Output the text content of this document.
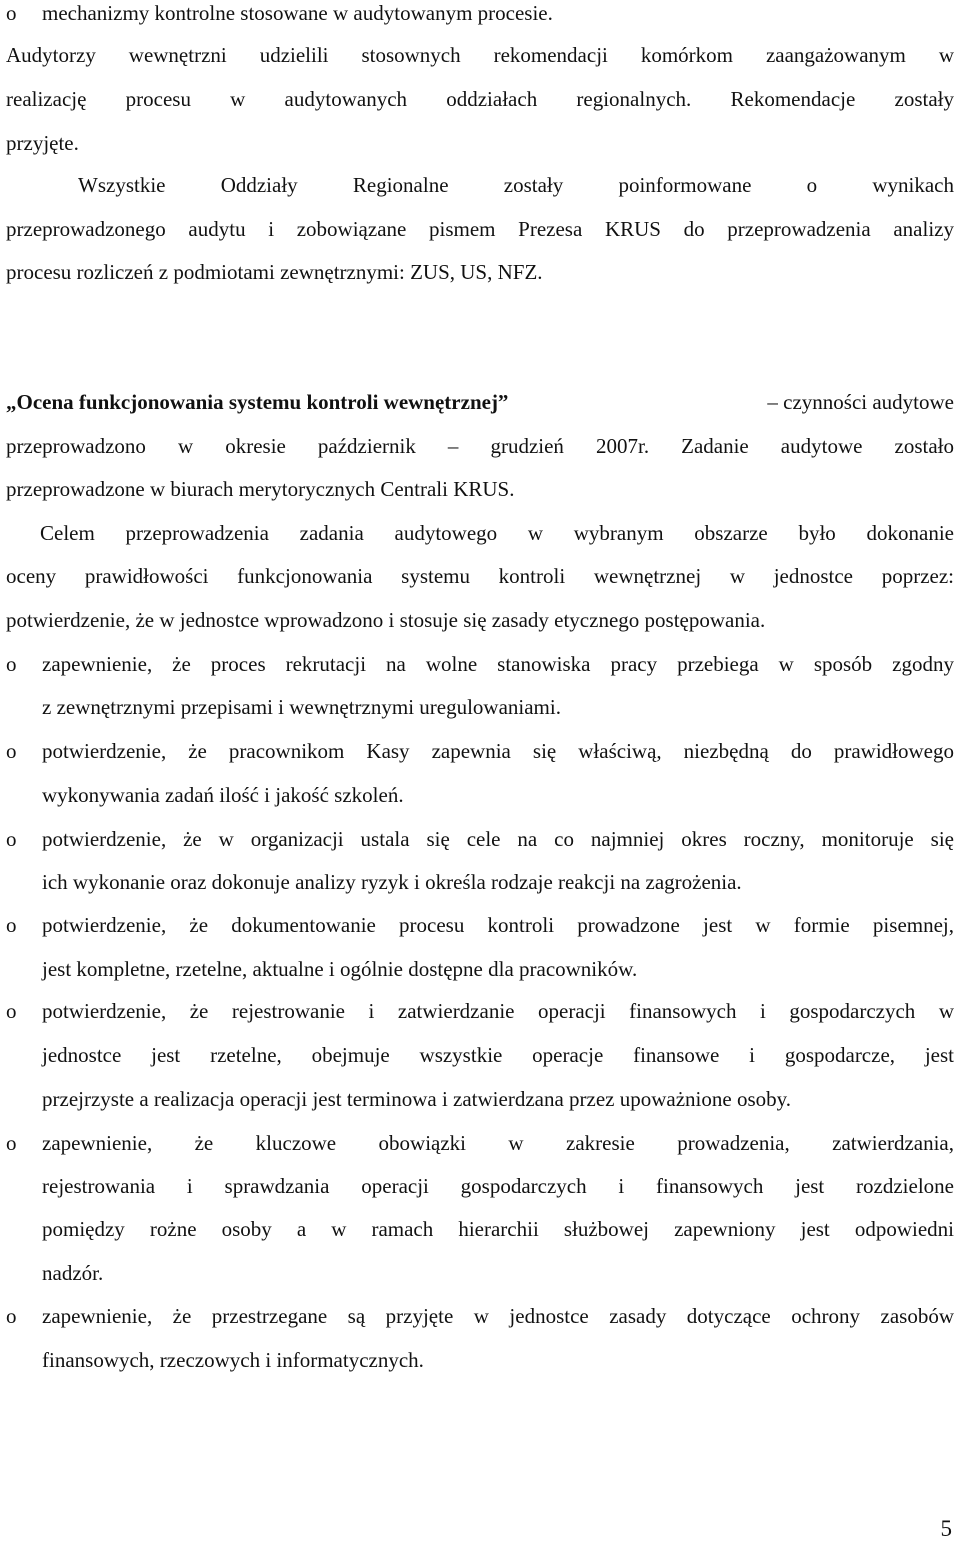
o mechanizmy kontrolne stosowane w audytowanym procesie.
Audytorzy wewnętrzni udzielili stosownych rekomendacji komórkom zaangażowanym w
realizację procesu w audytowanych oddziałach regionalnych. Rekomendacje zostały
przyjęte.
Wszystkie Oddziały Regionalne zostały poinformowane o wynikach
przeprowadzonego audytu i zobowiązane pismem Prezesa KRUS do przeprowadzenia analizy
procesu rozliczeń z podmiotami zewnętrznymi: ZUS, US, NFZ.
„Ocena funkcjonowania systemu kontroli wewnętrznej”	– czynności audytowe
przeprowadzono w okresie październik – grudzień 2007r. Zadanie audytowe zostało
przeprowadzone w biurach merytorycznych Centrali KRUS.
Celem przeprowadzenia zadania audytowego w wybranym obszarze było dokonanie
oceny prawidłowości funkcjonowania systemu kontroli wewnętrznej w jednostce poprzez:
potwierdzenie, że w jednostce wprowadzono i stosuje się zasady etycznego postępowania.
o zapewnienie, że proces rekrutacji na wolne stanowiska pracy przebiega w sposób zgodny
z zewnętrznymi przepisami i wewnętrznymi uregulowaniami.
o potwierdzenie, że pracownikom Kasy zapewnia się właściwą, niezbędną do prawidłowego
wykonywania zadań ilość i jakość szkoleń.
o potwierdzenie, że w organizacji ustala się cele na co najmniej okres roczny, monitoruje się
ich wykonanie oraz dokonuje analizy ryzyk i określa rodzaje reakcji na zagrożenia.
o potwierdzenie, że dokumentowanie procesu kontroli prowadzone jest w formie pisemnej,
jest kompletne, rzetelne, aktualne i ogólnie dostępne dla pracowników.
o potwierdzenie, że rejestrowanie i zatwierdzanie operacji finansowych i gospodarczych w
jednostce jest rzetelne, obejmuje wszystkie operacje finansowe i gospodarcze, jest
przejrzyste a realizacja operacji jest terminowa i zatwierdzana przez upoważnione osoby.
o zapewnienie, że kluczowe obowiązki w zakresie prowadzenia, zatwierdzania,
rejestrowania i sprawdzania operacji gospodarczych i finansowych jest rozdzielone
pomiędzy rożne osoby a w ramach hierarchii służbowej zapewniony jest odpowiedni
nadzór.
o zapewnienie, że przestrzegane są przyjęte w jednostce zasady dotyczące ochrony zasobów
finansowych, rzeczowych i informatycznych.
5
